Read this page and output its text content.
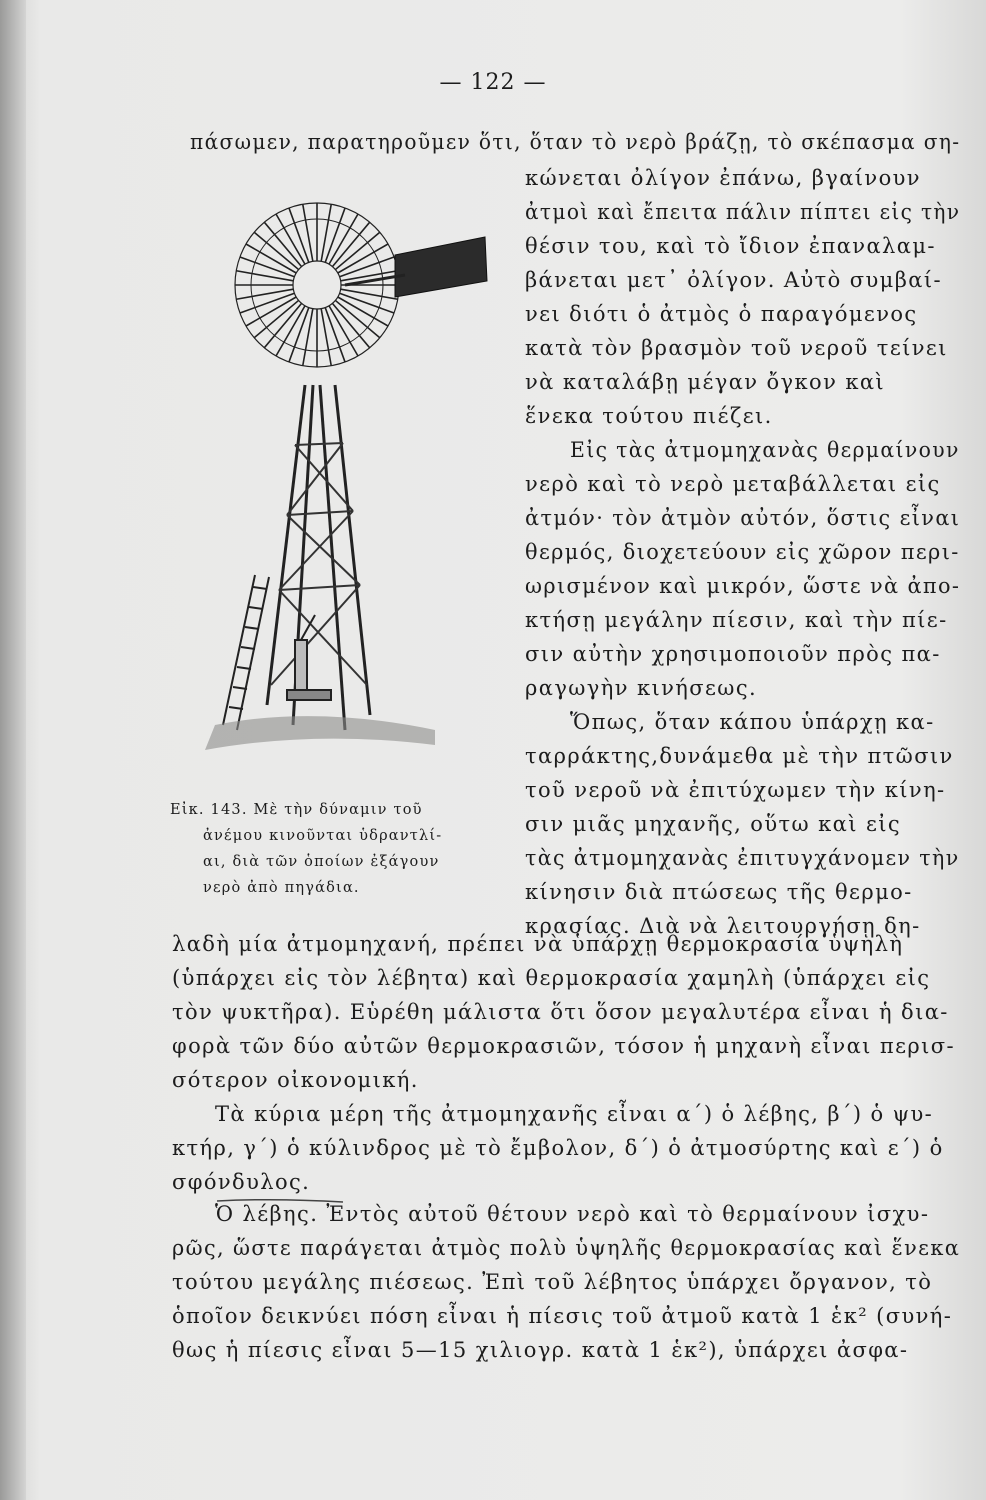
— 122 —
πάσωμεν, παρατηροῦμεν ὅτι, ὅταν τὸ νερὸ βράζῃ, τὸ σκέπασμα ση-
κώνεται ὀλίγον ἐπάνω, βγαίνουν
ἀτμοὶ καὶ ἔπειτα πάλιν πίπτει εἰς τὴν
θέσιν του, καὶ τὸ ἴδιον ἐπαναλαμ-
βάνεται μετ᾽ ὀλίγον. Αὐτὸ συμβαί-
νει διότι ὁ ἀτμὸς ὁ παραγόμενος
κατὰ τὸν βρασμὸν τοῦ νεροῦ τείνει
νὰ καταλάβῃ μέγαν ὄγκον καὶ
ἕνεκα τούτου πιέζει.
Εἰς τὰς ἀτμομηχανὰς θερμαίνουν
νερὸ καὶ τὸ νερὸ μεταβάλλεται εἰς
ἀτμόν· τὸν ἀτμὸν αὐτόν, ὅστις εἶναι
θερμός, διοχετεύουν εἰς χῶρον περι-
ωρισμένον καὶ μικρόν, ὥστε νὰ ἀπο-
κτήσῃ μεγάλην πίεσιν, καὶ τὴν πίε-
σιν αὐτὴν χρησιμοποιοῦν πρὸς πα-
ραγωγὴν κινήσεως.
Ὅπως, ὅταν κάπου ὑπάρχῃ κα-
ταρράκτης,δυνάμεθα μὲ τὴν πτῶσιν
τοῦ νεροῦ νὰ ἐπιτύχωμεν τὴν κίνη-
σιν μιᾶς μηχανῆς, οὕτω καὶ εἰς
τὰς ἀτμομηχανὰς ἐπιτυγχάνομεν τὴν
κίνησιν διὰ πτώσεως τῆς θερμο-
κρασίας. Διὰ νὰ λειτουργήσῃ δη-
Εἰκ. 143. Μὲ τὴν δύναμιν τοῦ
ἀνέμου κινοῦνται ὑδραντλί-
αι, διὰ τῶν ὁποίων ἐξάγουν
νερὸ ἀπὸ πηγάδια.
λαδὴ μία ἀτμομηχανή, πρέπει νὰ ὑπάρχῃ θερμοκρασία ὑψηλὴ
(ὑπάρχει εἰς τὸν λέβητα) καὶ θερμοκρασία χαμηλὴ (ὑπάρχει εἰς
τὸν ψυκτῆρα). Εὑρέθη μάλιστα ὅτι ὅσον μεγαλυτέρα εἶναι ἡ δια-
φορὰ τῶν δύο αὐτῶν θερμοκρασιῶν, τόσον ἡ μηχανὴ εἶναι περισ-
σότερον οἰκονομική.
Τὰ κύρια μέρη τῆς ἀτμομηχανῆς εἶναι α΄) ὁ λέβης, β΄) ὁ ψυ-
κτήρ, γ΄) ὁ κύλινδρος μὲ τὸ ἔμβολον, δ΄) ὁ ἀτμοσύρτης καὶ ε΄) ὁ
σφόνδυλος.
Ὁ λέβης. Ἐντὸς αὐτοῦ θέτουν νερὸ καὶ τὸ θερμαίνουν ἰσχυ-
ρῶς, ὥστε παράγεται ἀτμὸς πολὺ ὑψηλῆς θερμοκρασίας καὶ ἕνεκα
τούτου μεγάλης πιέσεως. Ἐπὶ τοῦ λέβητος ὑπάρχει ὄργανον, τὸ
ὁποῖον δεικνύει πόση εἶναι ἡ πίεσις τοῦ ἀτμοῦ κατὰ 1 ἑκ² (συνή-
θως ἡ πίεσις εἶναι 5—15 χιλιογρ. κατὰ 1 ἑκ²), ὑπάρχει ἀσφα-
